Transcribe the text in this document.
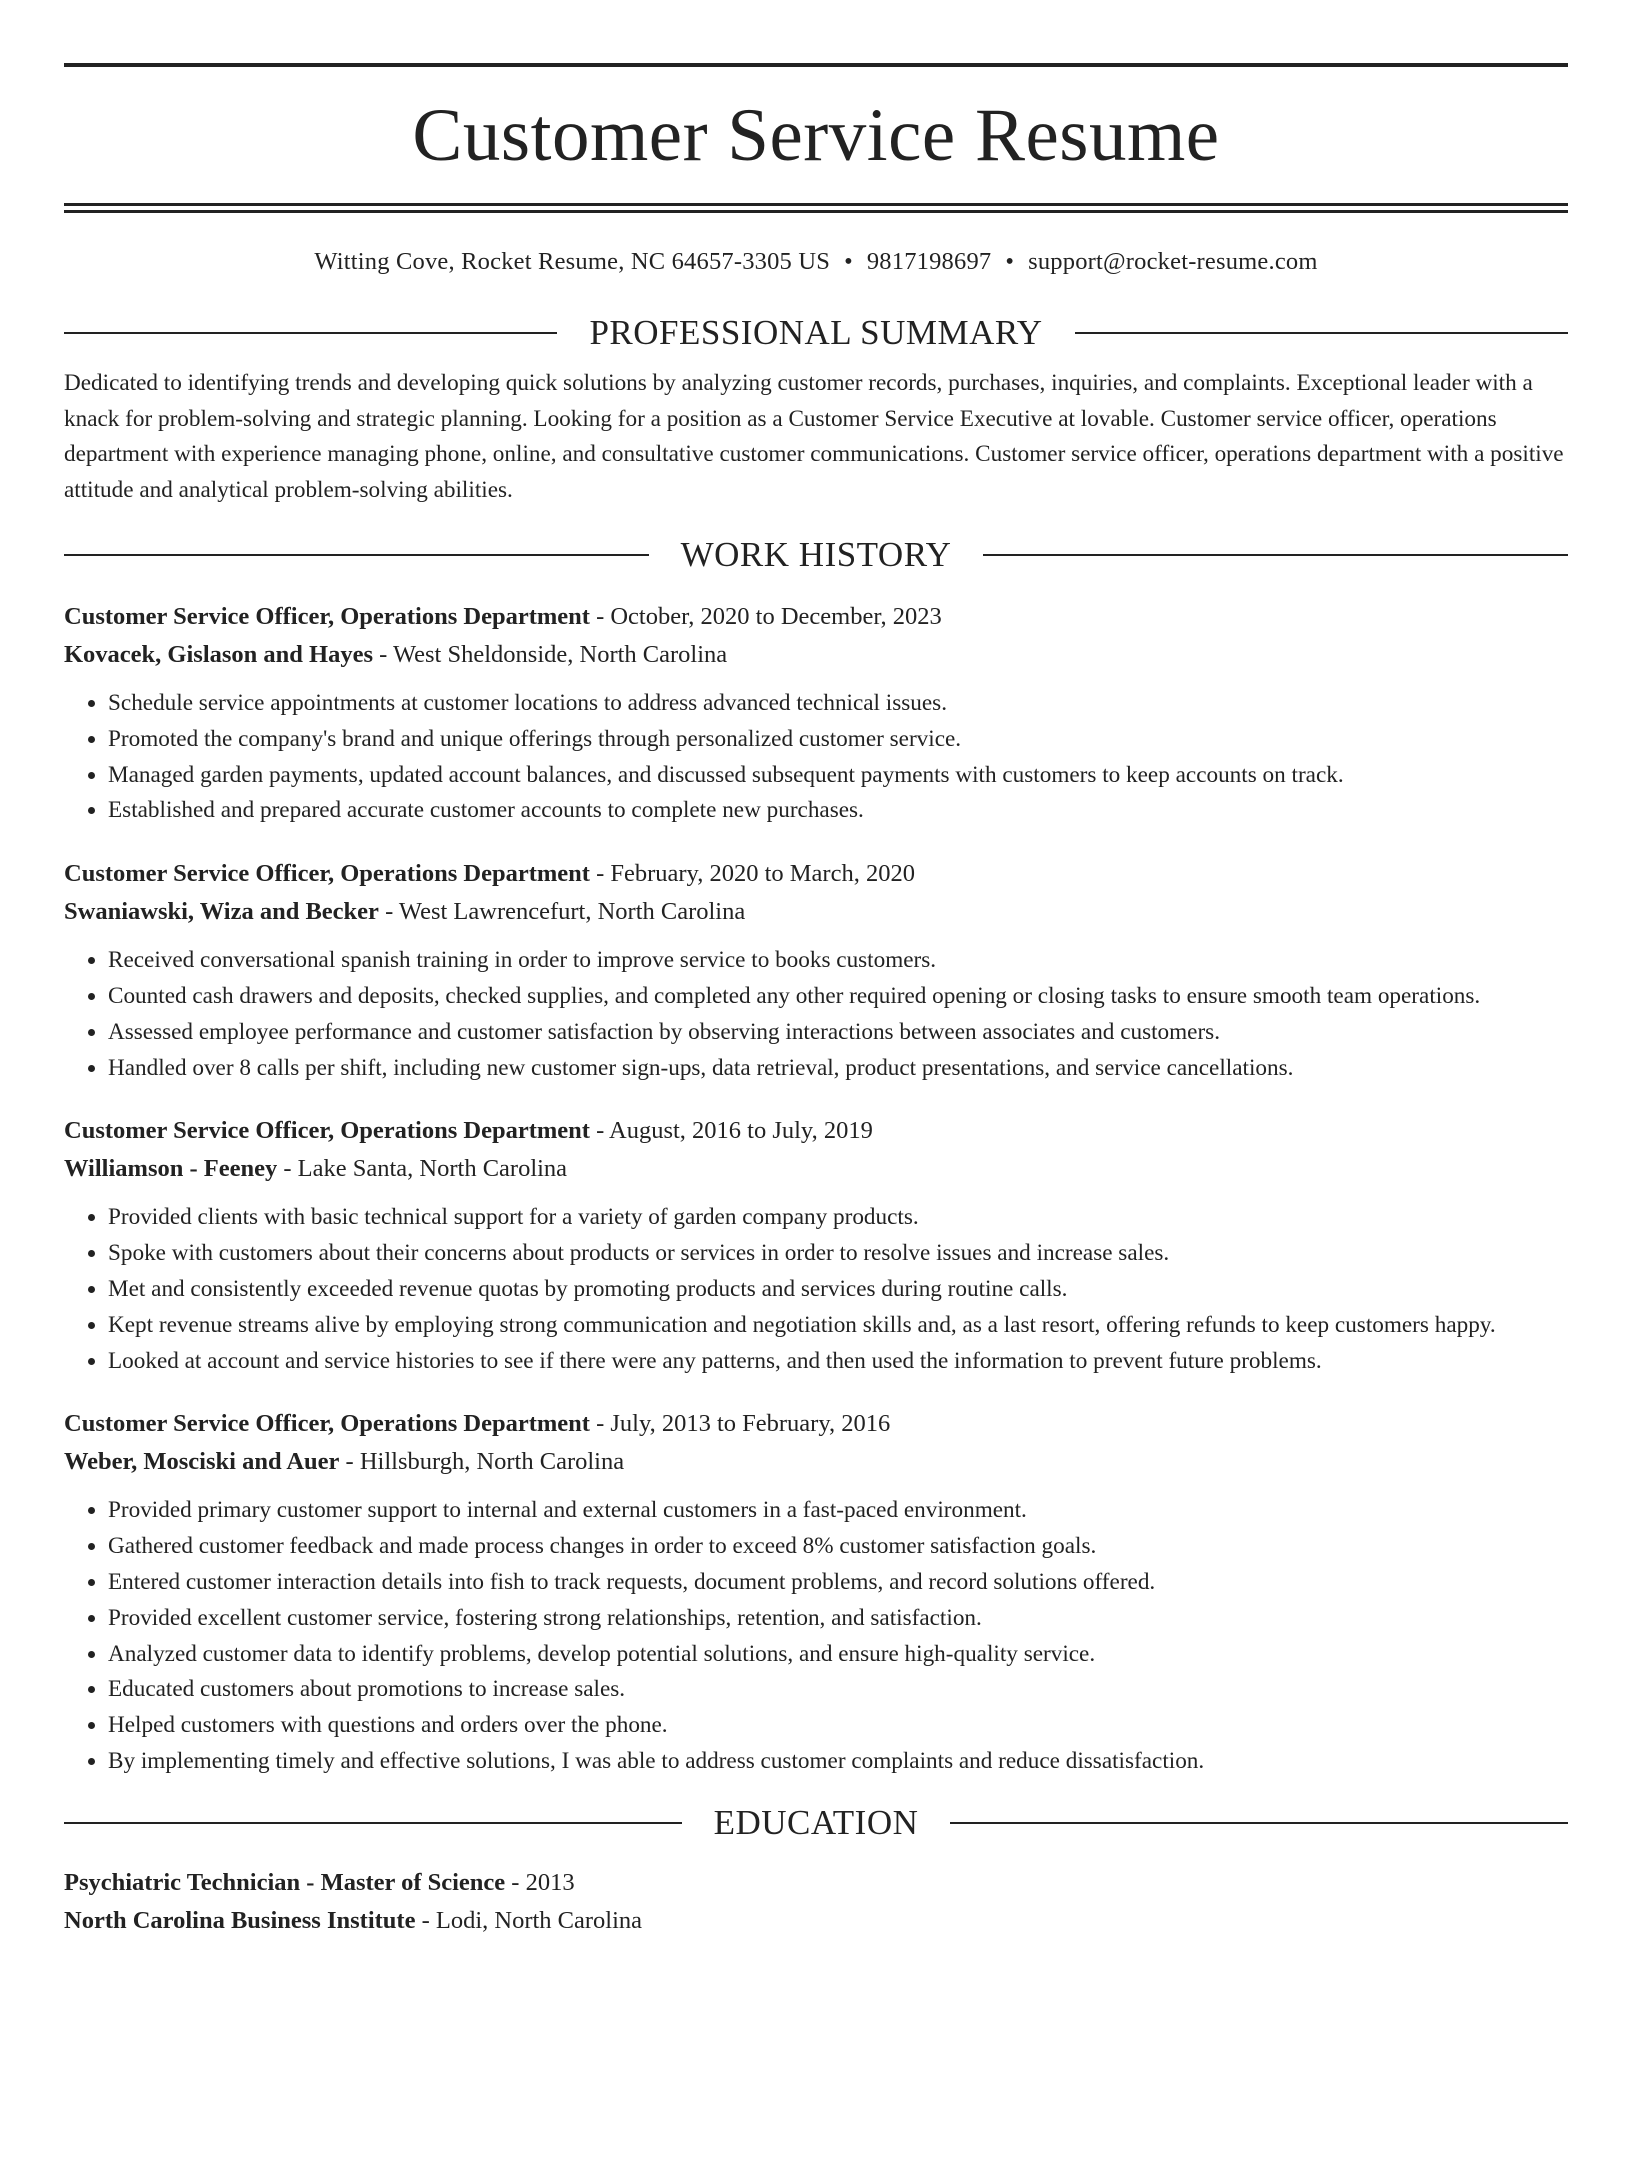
Customer Service Resume
Witting Cove, Rocket Resume, NC 64657-3305 US • 9817198697 • support@rocket-resume.com
PROFESSIONAL SUMMARY
Dedicated to identifying trends and developing quick solutions by analyzing customer records, purchases, inquiries, and complaints. Exceptional leader with a knack for problem-solving and strategic planning. Looking for a position as a Customer Service Executive at lovable. Customer service officer, operations department with experience managing phone, online, and consultative customer communications. Customer service officer, operations department with a positive attitude and analytical problem-solving abilities.
WORK HISTORY
Customer Service Officer, Operations Department - October, 2020 to December, 2023
Kovacek, Gislason and Hayes - West Sheldonside, North Carolina
• Schedule service appointments at customer locations to address advanced technical issues.
• Promoted the company's brand and unique offerings through personalized customer service.
• Managed garden payments, updated account balances, and discussed subsequent payments with customers to keep accounts on track.
• Established and prepared accurate customer accounts to complete new purchases.
Customer Service Officer, Operations Department - February, 2020 to March, 2020
Swaniawski, Wiza and Becker - West Lawrencefurt, North Carolina
• Received conversational spanish training in order to improve service to books customers.
• Counted cash drawers and deposits, checked supplies, and completed any other required opening or closing tasks to ensure smooth team operations.
• Assessed employee performance and customer satisfaction by observing interactions between associates and customers.
• Handled over 8 calls per shift, including new customer sign-ups, data retrieval, product presentations, and service cancellations.
Customer Service Officer, Operations Department - August, 2016 to July, 2019
Williamson - Feeney - Lake Santa, North Carolina
• Provided clients with basic technical support for a variety of garden company products.
• Spoke with customers about their concerns about products or services in order to resolve issues and increase sales.
• Met and consistently exceeded revenue quotas by promoting products and services during routine calls.
• Kept revenue streams alive by employing strong communication and negotiation skills and, as a last resort, offering refunds to keep customers happy.
• Looked at account and service histories to see if there were any patterns, and then used the information to prevent future problems.
Customer Service Officer, Operations Department - July, 2013 to February, 2016
Weber, Mosciski and Auer - Hillsburgh, North Carolina
• Provided primary customer support to internal and external customers in a fast-paced environment.
• Gathered customer feedback and made process changes in order to exceed 8% customer satisfaction goals.
• Entered customer interaction details into fish to track requests, document problems, and record solutions offered.
• Provided excellent customer service, fostering strong relationships, retention, and satisfaction.
• Analyzed customer data to identify problems, develop potential solutions, and ensure high-quality service.
• Educated customers about promotions to increase sales.
• Helped customers with questions and orders over the phone.
• By implementing timely and effective solutions, I was able to address customer complaints and reduce dissatisfaction.
EDUCATION
Psychiatric Technician - Master of Science - 2013
North Carolina Business Institute - Lodi, North Carolina
